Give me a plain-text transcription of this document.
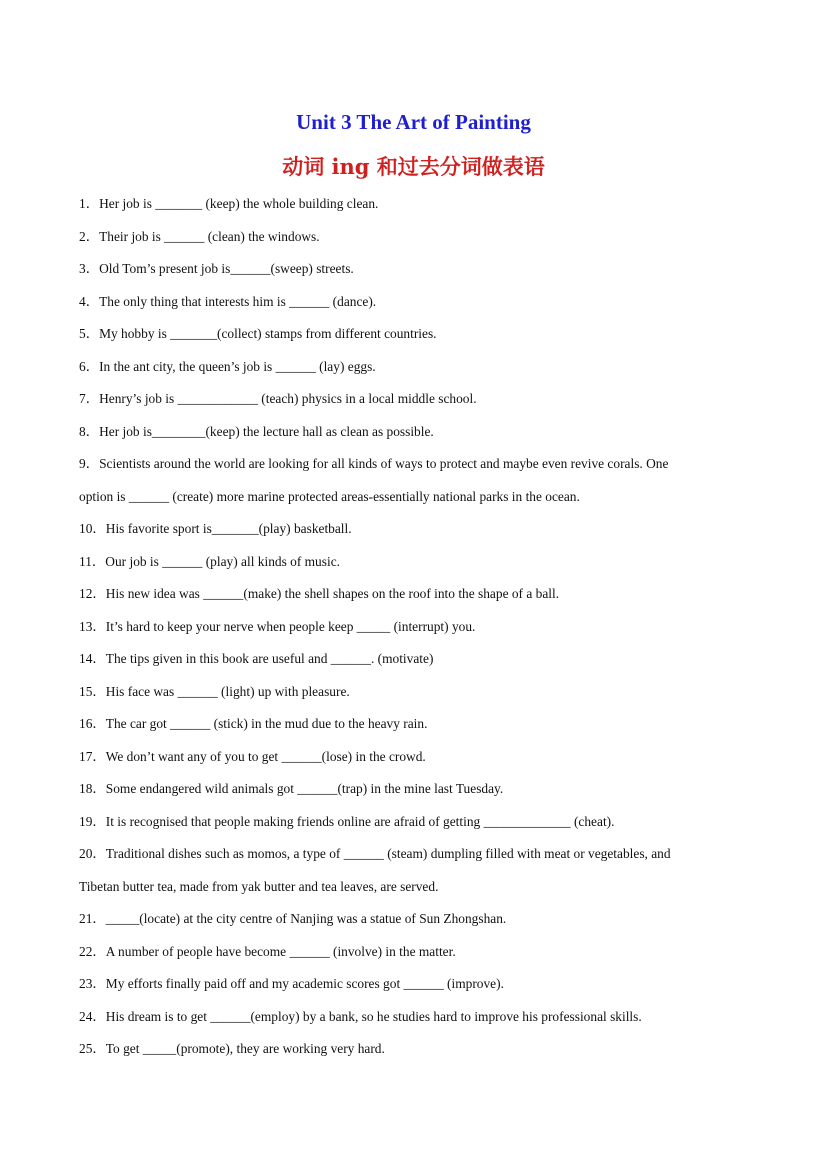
Unit 3 The Art of Painting
动词 ing 和过去分词做表语
1．Her job is _______ (keep) the whole building clean.
2．Their job is ______ (clean) the windows.
3．Old Tom’s present job is______(sweep) streets.
4．The only thing that interests him is ______ (dance).
5．My hobby is _______(collect) stamps from different countries.
6．In the ant city, the queen’s job is ______ (lay) eggs.
7．Henry’s job is ____________ (teach) physics in a local middle school.
8．Her job is________(keep) the lecture hall as clean as possible.
9．Scientists around the world are looking for all kinds of ways to protect and maybe even revive corals. One
option is ______ (create) more marine protected areas-essentially national parks in the ocean.
10．His favorite sport is_______(play) basketball.
11．Our job is ______ (play) all kinds of music.
12．His new idea was ______(make) the shell shapes on the roof into the shape of a ball.
13．It’s hard to keep your nerve when people keep _____ (interrupt) you.
14．The tips given in this book are useful and ______. (motivate)
15．His face was ______ (light) up with pleasure.
16．The car got ______ (stick) in the mud due to the heavy rain.
17．We don’t want any of you to get ______(lose) in the crowd.
18．Some endangered wild animals got ______(trap) in the mine last Tuesday.
19．It is recognised that people making friends online are afraid of getting _____________ (cheat).
20．Traditional dishes such as momos, a type of ______ (steam) dumpling filled with meat or vegetables, and
Tibetan butter tea, made from yak butter and tea leaves, are served.
21．_____(locate) at the city centre of Nanjing was a statue of Sun Zhongshan.
22．A number of people have become ______ (involve) in the matter.
23．My efforts finally paid off and my academic scores got ______ (improve).
24．His dream is to get ______(employ) by a bank, so he studies hard to improve his professional skills.
25．To get _____(promote), they are working very hard.
